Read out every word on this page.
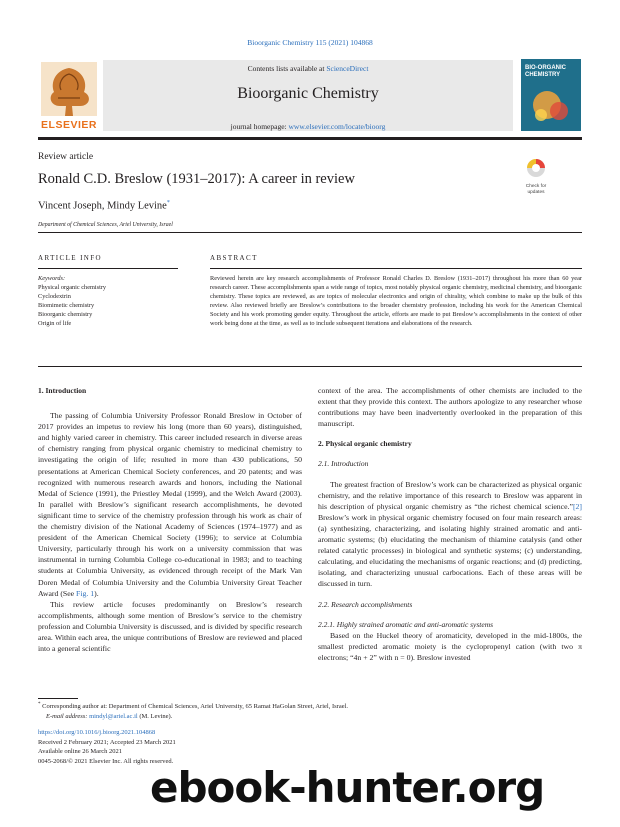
Bioorganic Chemistry 115 (2021) 104868
ELSEVIER
Contents lists available at ScienceDirect
Bioorganic Chemistry
journal homepage: www.elsevier.com/locate/bioorg
BIO-ORGANIC CHEMISTRY
Review article
Ronald C.D. Breslow (1931–2017): A career in review	Check for updates
Vincent Joseph, Mindy Levine*
Department of Chemical Sciences, Ariel University, Israel
ARTICLE INFO
Keywords:
Physical organic chemistry
Cyclodextrin
Biomimetic chemistry
Bioorganic chemistry
Origin of life
ABSTRACT
Reviewed herein are key research accomplishments of Professor Ronald Charles D. Breslow (1931–2017) throughout his more than 60 year research career. These accomplishments span a wide range of topics, most notably physical organic chemistry, medicinal chemistry, and bioorganic chemistry. These topics are reviewed, as are topics of molecular electronics and origin of chirality, which combine to make up the bulk of this review. Also reviewed briefly are Breslow’s contributions to the broader chemistry profession, including his work for the American Chemical Society and his work promoting gender equity. Throughout the article, efforts are made to put Breslow’s accomplishments in the context of other work being done at the time, as well as to include subsequent iterations and elaborations of the research.
1. Introduction

The passing of Columbia University Professor Ronald Breslow in October of 2017 provides an impetus to review his long (more than 60 years), distinguished, and highly varied career in chemistry. This career included research in diverse areas of chemistry ranging from physical organic chemistry to medicinal chemistry to investigating the origin of life; resulted in more than 430 publications, 50 presentations at American Chemical Society conferences, and 20 patents; and was recognized with numerous research awards and honors, including the National Medal of Science (1991), the Priestley Medal (1999), and the Welch Award (2003). In parallel with Breslow’s significant research accomplishments, he devoted significant time to service of the chemistry profession through his work as chair of the chemistry division of the National Academy of Sciences (1974–1977) and as president of the American Chemical Society (1996); to service at Columbia University, particularly through his work on a university commission that was instrumental in turning Columbia College co-educational in 1983; and to teaching students at Columbia University, as evidenced through receipt of the Mark Van Doren Medal of Columbia University and the Columbia University Great Teacher Award (See Fig. 1).

This review article focuses predominantly on Breslow’s research accomplishments, although some mention of Breslow’s service to the chemistry profession and Columbia University is discussed, and is divided by specific research area. Within each area, the unique contributions of Breslow are reviewed and placed into a general scientific

context of the area. The accomplishments of other chemists are included to the extent that they provide this context. The authors apologize to any researcher whose contributions may have been inadvertently overlooked in the preparation of this manuscript.

2. Physical organic chemistry
2.1. Introduction

The greatest fraction of Breslow’s work can be characterized as physical organic chemistry, and the relative importance of this research to Breslow was apparent in his description of physical organic chemistry as “the richest chemical science.”[2] Breslow’s work in physical organic chemistry focused on four main research areas: (a) synthesizing, characterizing, and isolating highly strained aromatic and anti-aromatic systems; (b) elucidating the mechanism of thiamine catalysis (and other related catalytic processes) in biological and synthetic systems; (c) understanding, calculating, and elucidating the mechanisms of organic reactions; and (d) predicting, isolating, and characterizing unusual carbocations. Each of these areas will be discussed in turn.

2.2. Research accomplishments
2.2.1. Highly strained aromatic and anti-aromatic systems

Based on the Huckel theory of aromaticity, developed in the mid-1800s, the smallest predicted aromatic moiety is the cyclopropenyl cation (with two π electrons; “4n + 2” with n = 0). Breslow invested

* Corresponding author at: Department of Chemical Sciences, Ariel University, 65 Ramat HaGolan Street, Ariel, Israel.
E-mail address: mindyl@ariel.ac.il (M. Levine).
https://doi.org/10.1016/j.bioorg.2021.104868
Received 2 February 2021; Accepted 23 March 2021
Available online 26 March 2021
0045-2068/© 2021 Elsevier Inc. All rights reserved.
ebook-hunter.org
